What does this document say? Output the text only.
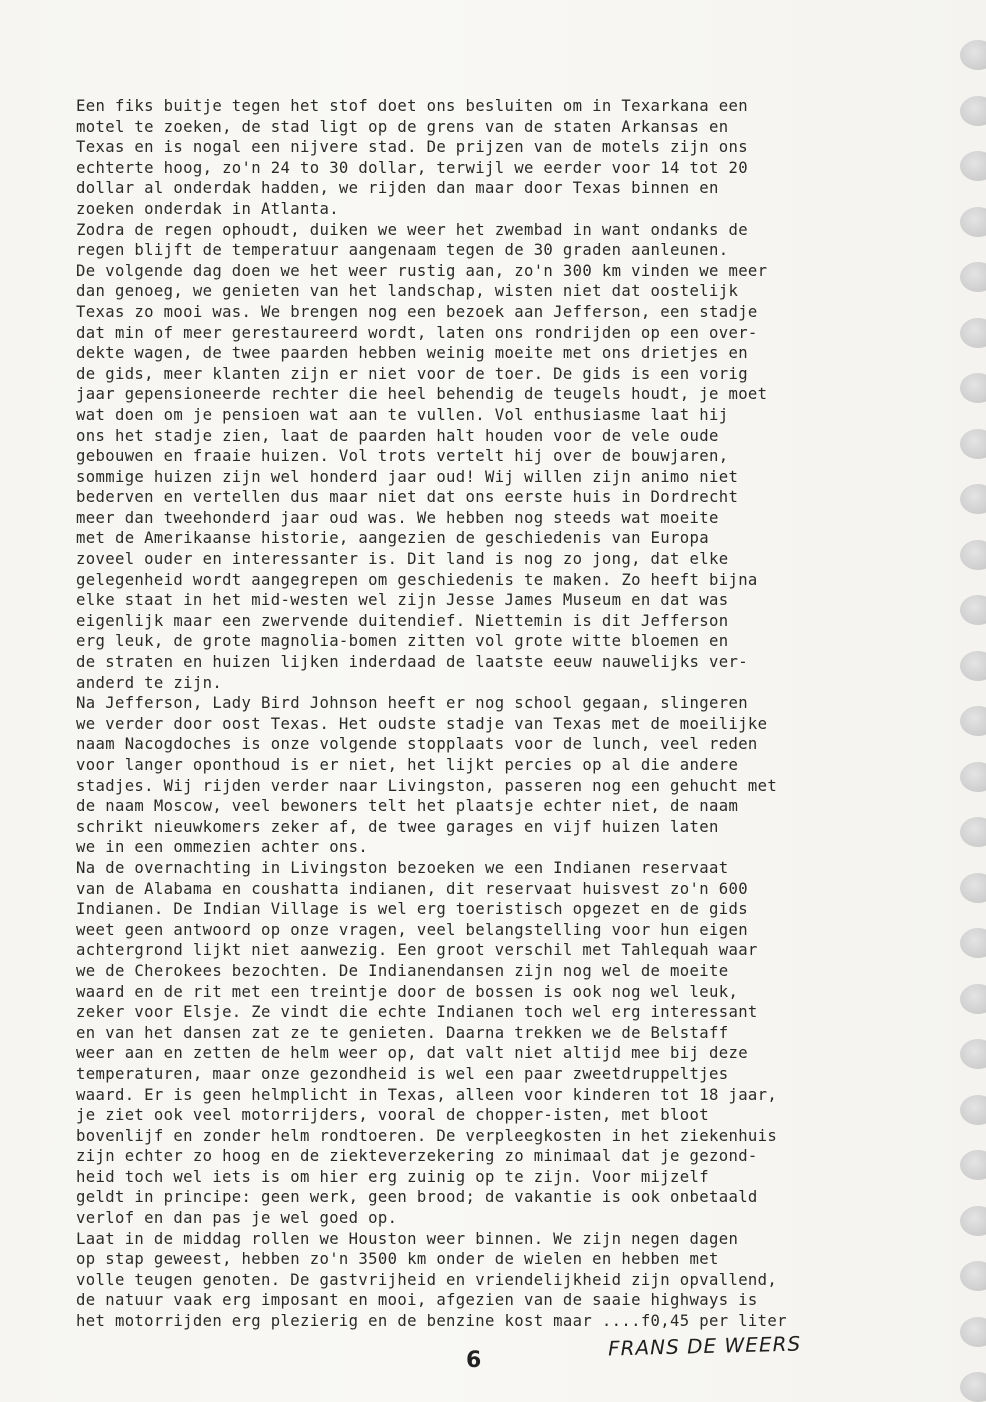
Een fiks buitje tegen het stof doet ons besluiten om in Texarkana een
motel te zoeken, de stad ligt op de grens van de staten Arkansas en
Texas en is nogal een nijvere stad. De prijzen van de motels zijn ons
echterte hoog, zo'n 24 to 30 dollar, terwijl we eerder voor 14 tot 20
dollar al onderdak hadden, we rijden dan maar door Texas binnen en
zoeken onderdak in Atlanta.
Zodra de regen ophoudt, duiken we weer het zwembad in want ondanks de
regen blijft de temperatuur aangenaam tegen de 30 graden aanleunen.
De volgende dag doen we het weer rustig aan, zo'n 300 km vinden we meer
dan genoeg, we genieten van het landschap, wisten niet dat oostelijk
Texas zo mooi was. We brengen nog een bezoek aan Jefferson, een stadje
dat min of meer gerestaureerd wordt, laten ons rondrijden op een over-
dekte wagen, de twee paarden hebben weinig moeite met ons drietjes en
de gids, meer klanten zijn er niet voor de toer. De gids is een vorig
jaar gepensioneerde rechter die heel behendig de teugels houdt, je moet
wat doen om je pensioen wat aan te vullen. Vol enthusiasme laat hij
ons het stadje zien, laat de paarden halt houden voor de vele oude
gebouwen en fraaie huizen. Vol trots vertelt hij over de bouwjaren,
sommige huizen zijn wel honderd jaar oud! Wij willen zijn animo niet
bederven en vertellen dus maar niet dat ons eerste huis in Dordrecht
meer dan tweehonderd jaar oud was. We hebben nog steeds wat moeite
met de Amerikaanse historie, aangezien de geschiedenis van Europa
zoveel ouder en interessanter is. Dit land is nog zo jong, dat elke
gelegenheid wordt aangegrepen om geschiedenis te maken. Zo heeft bijna
elke staat in het mid-westen wel zijn Jesse James Museum en dat was
eigenlijk maar een zwervende duitendief. Niettemin is dit Jefferson
erg leuk, de grote magnolia-bomen zitten vol grote witte bloemen en
de straten en huizen lijken inderdaad de laatste eeuw nauwelijks ver-
anderd te zijn.
Na Jefferson, Lady Bird Johnson heeft er nog school gegaan, slingeren
we verder door oost Texas. Het oudste stadje van Texas met de moeilijke
naam Nacogdoches is onze volgende stopplaats voor de lunch, veel reden
voor langer oponthoud is er niet, het lijkt percies op al die andere
stadjes. Wij rijden verder naar Livingston, passeren nog een gehucht met
de naam Moscow, veel bewoners telt het plaatsje echter niet, de naam
schrikt nieuwkomers zeker af, de twee garages en vijf huizen laten
we in een ommezien achter ons.
Na de overnachting in Livingston bezoeken we een Indianen reservaat
van de Alabama en coushatta indianen, dit reservaat huisvest zo'n 600
Indianen. De Indian Village is wel erg toeristisch opgezet en de gids
weet geen antwoord op onze vragen, veel belangstelling voor hun eigen
achtergrond lijkt niet aanwezig. Een groot verschil met Tahlequah waar
we de Cherokees bezochten. De Indianendansen zijn nog wel de moeite
waard en de rit met een treintje door de bossen is ook nog wel leuk,
zeker voor Elsje. Ze vindt die echte Indianen toch wel erg interessant
en van het dansen zat ze te genieten. Daarna trekken we de Belstaff
weer aan en zetten de helm weer op, dat valt niet altijd mee bij deze
temperaturen, maar onze gezondheid is wel een paar zweetdruppeltjes
waard. Er is geen helmplicht in Texas, alleen voor kinderen tot 18 jaar,
je ziet ook veel motorrijders, vooral de chopper-isten, met bloot
bovenlijf en zonder helm rondtoeren. De verpleegkosten in het ziekenhuis
zijn echter zo hoog en de ziekteverzekering zo minimaal dat je gezond-
heid toch wel iets is om hier erg zuinig op te zijn. Voor mijzelf
geldt in principe: geen werk, geen brood; de vakantie is ook onbetaald
verlof en dan pas je wel goed op.
Laat in de middag rollen we Houston weer binnen. We zijn negen dagen
op stap geweest, hebben zo'n 3500 km onder de wielen en hebben met
volle teugen genoten. De gastvrijheid en vriendelijkheid zijn opvallend,
de natuur vaak erg imposant en mooi, afgezien van de saaie highways is
het motorrijden erg plezierig en de benzine kost maar ....f0,45 per liter
FRANS DE WEERS
6
